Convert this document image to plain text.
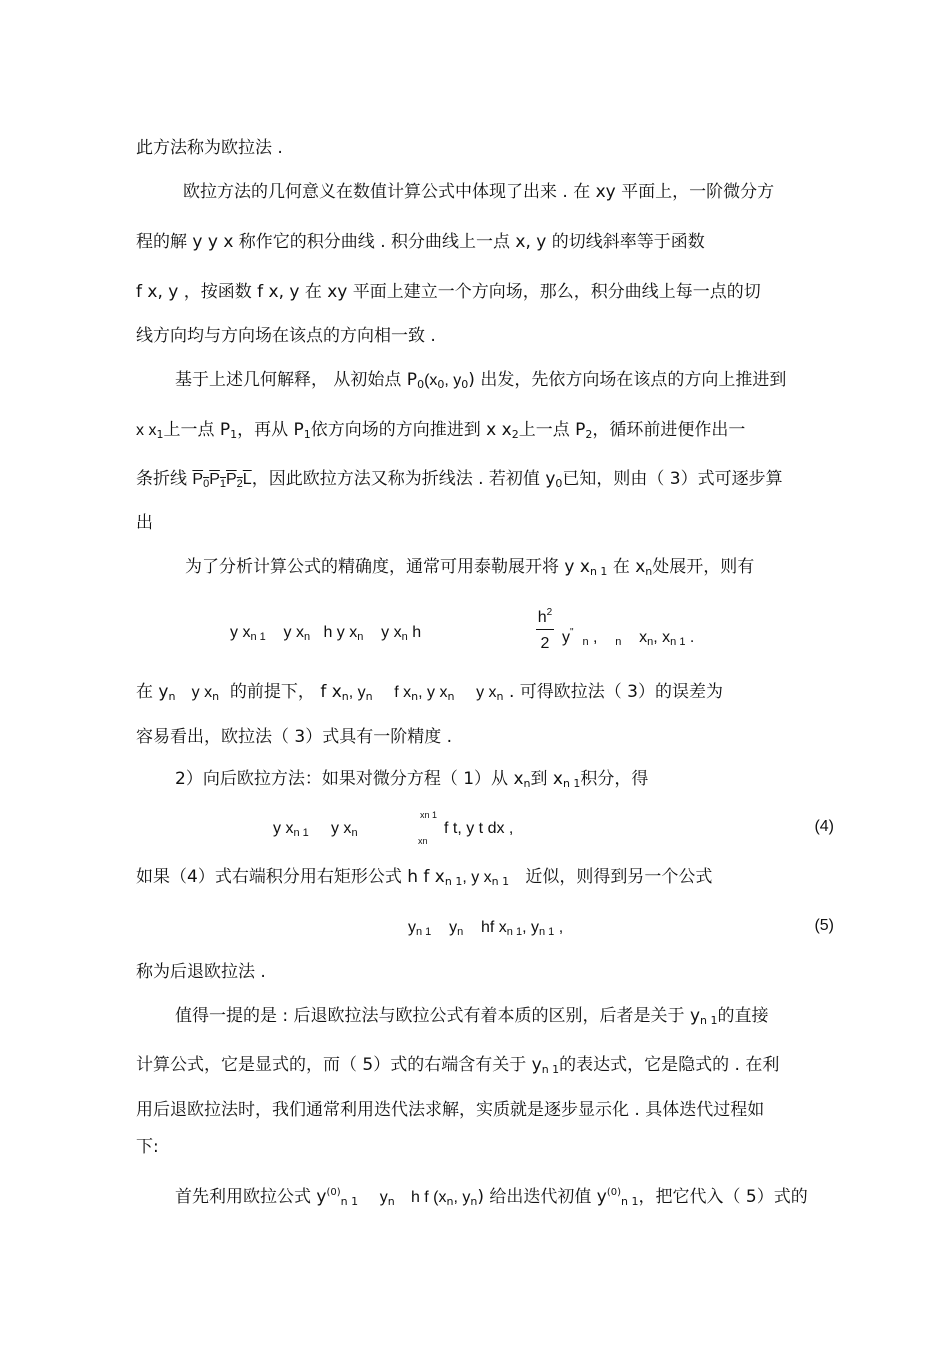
此方法称为欧拉法 .
欧拉方法的几何意义在数值计算公式中体现了出来 . 在 xy 平面上，一阶微分方
程的解 y y x 称作它的积分曲线 . 积分曲线上一点 x, y 的切线斜率等于函数
f x, y ，按函数 f x, y 在 xy 平面上建立一个方向场，那么，积分曲线上每一点的切
线方向均与方向场在该点的方向相一致 .
基于上述几何解释， 从初始点 P0(x0, y0) 出发，先依方向场在该点的方向上推进到
x x1上一点 P1，再从 P1依方向场的方向推进到 x x2上一点 P2，循环前进便作出一
条折线 P0P1P2L，因此欧拉方法又称为折线法 . 若初值 y0已知，则由（ 3）式可逐步算
出
为了分析计算公式的精确度，通常可用泰勒展开将 y xn 1 在 xn处展开，则有
y xn 1 y xn h y xn y xn h
$h^2$
2 y"  n ,    n xn, xn 1 .
在 yn y xn 的前提下， f xn, yn f xn, y xn y xn . 可得欧拉法（ 3）的误差为
容易看出，欧拉法（ 3）式具有一阶精度 .
2）向后欧拉方法：如果对微分方程（ 1）从 xn到 xn 1积分，得
y xn 1 y xn
xn 1
xn
f t, y t dx ,	(4)
如果（4）式右端积分用右矩形公式 h f xn 1, y xn 1 近似，则得到另一个公式
yn 1 yn hf xn 1, yn 1 ,	(5)
称为后退欧拉法 .
值得一提的是 : 后退欧拉法与欧拉公式有着本质的区别，后者是关于 yn 1的直接
计算公式，它是显式的，而（ 5）式的右端含有关于 yn 1的表达式，它是隐式的 . 在利
用后退欧拉法时，我们通常利用迭代法求解，实质就是逐步显示化 . 具体迭代过程如
下:
首先利用欧拉公式 $y^{(0)}n$ 1 yn h f (xn, yn) 给出迭代初值 $y^{(0)}n$ 1，把它代入（ 5）式的
